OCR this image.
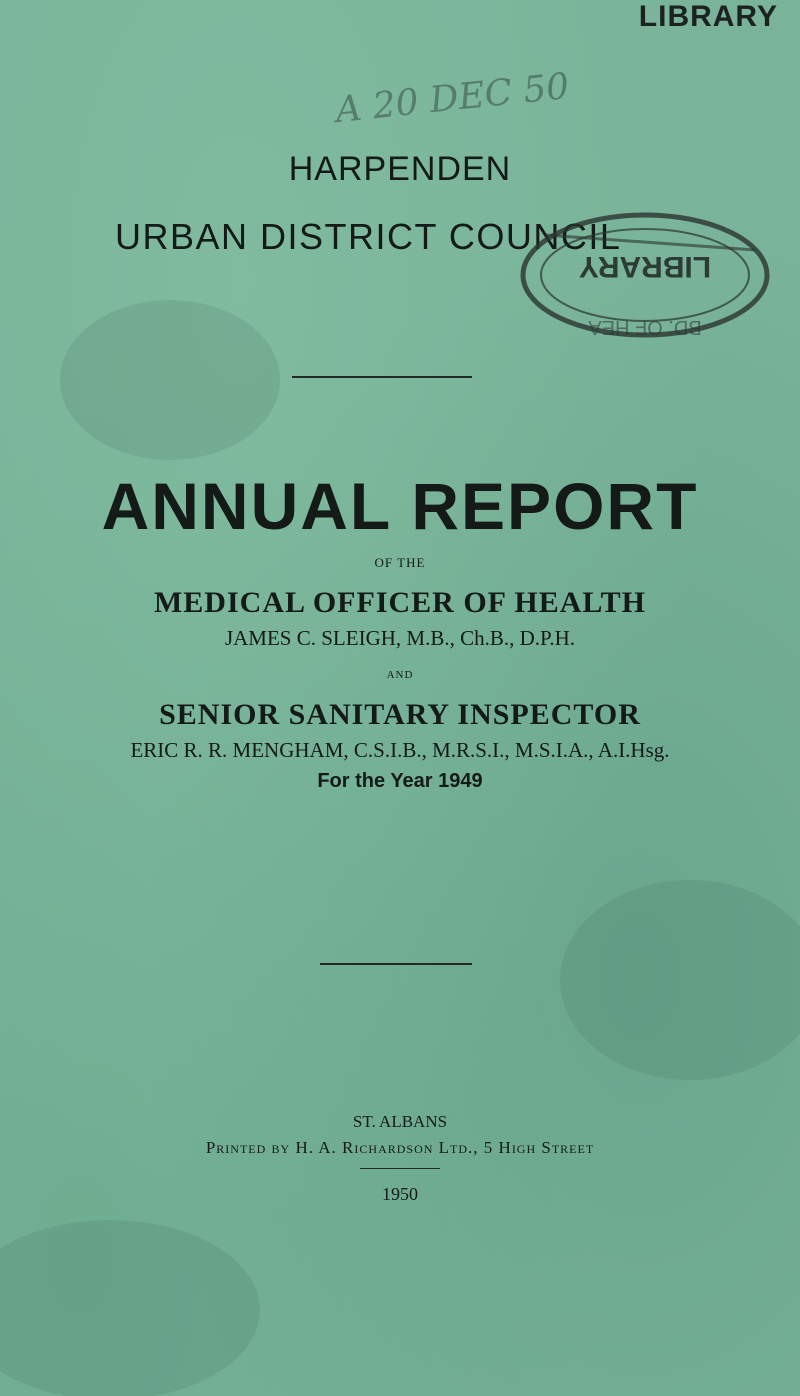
LIBRARY
A 20 DEC 50
HARPENDEN
URBAN DISTRICT COUNCIL
LIBRARY
BD. OF HEA
ANNUAL REPORT
OF THE
MEDICAL OFFICER OF HEALTH
JAMES C. SLEIGH, M.B., Ch.B., D.P.H.
AND
SENIOR SANITARY INSPECTOR
ERIC R. R. MENGHAM, C.S.I.B., M.R.S.I., M.S.I.A., A.I.Hsg.
For the Year 1949
ST. ALBANS
Printed by H. A. Richardson Ltd., 5 High Street
1950
